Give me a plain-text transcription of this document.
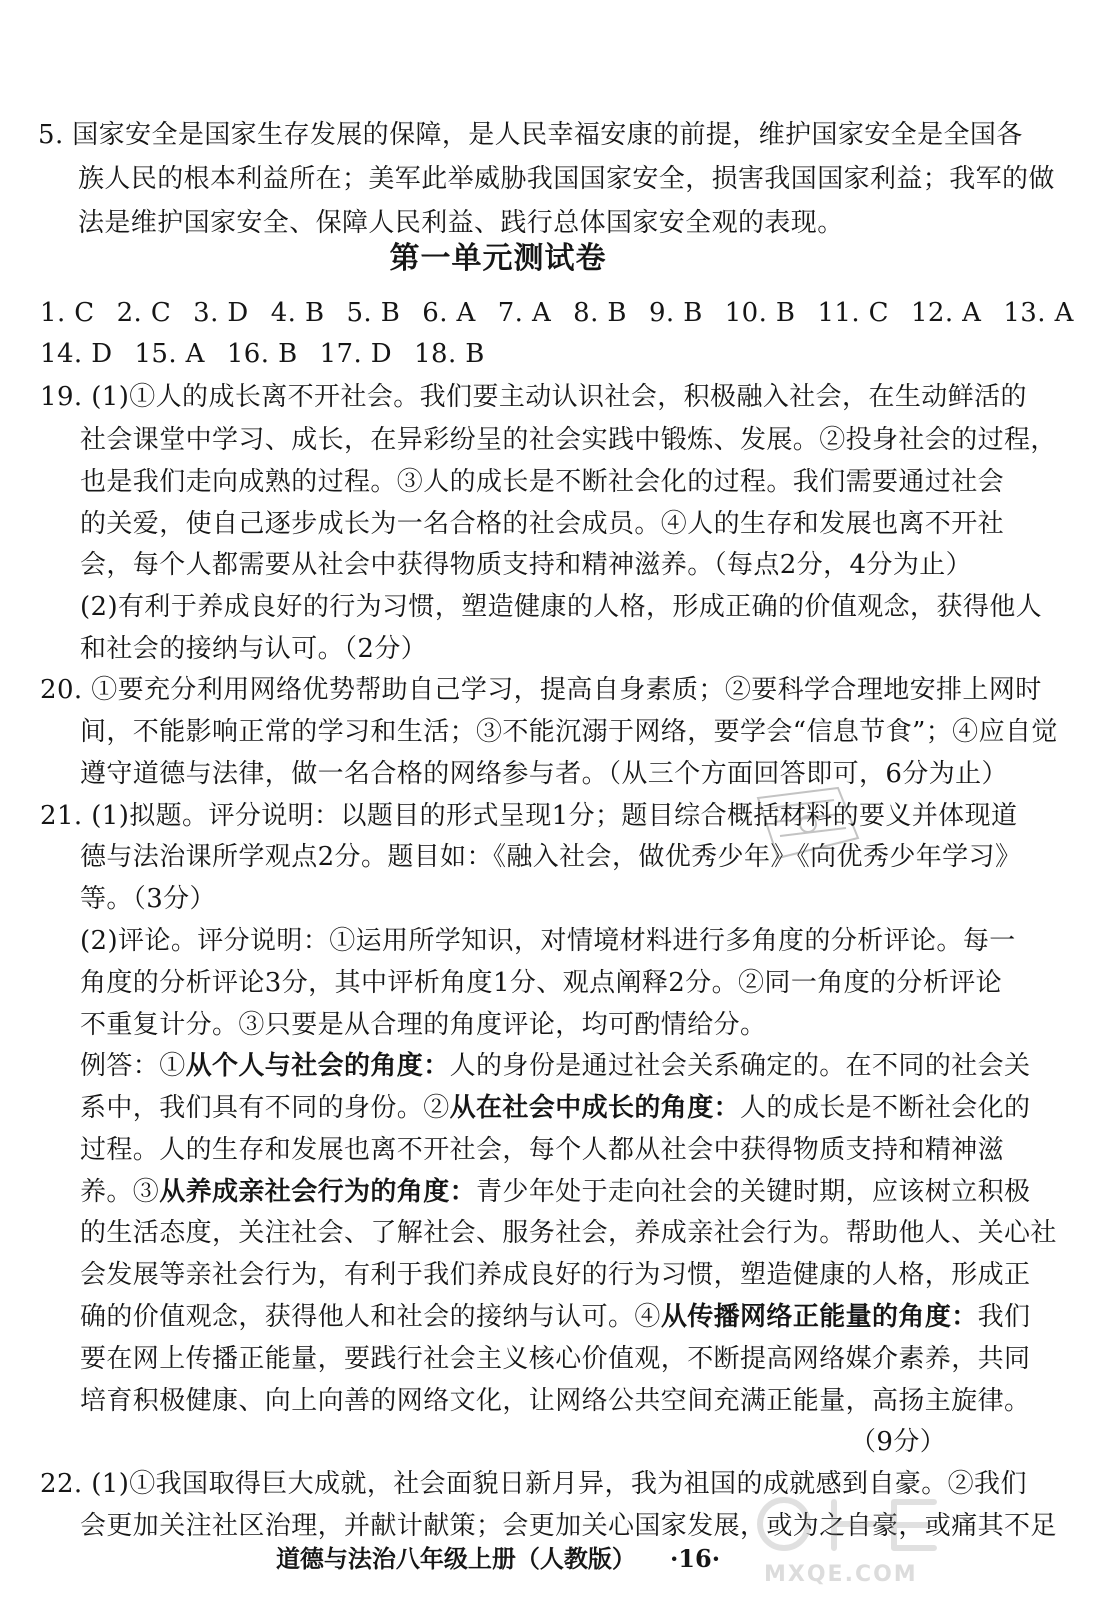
5. 国家安全是国家生存发展的保障，是人民幸福安康的前提，维护国家安全是全国各
族人民的根本利益所在；美军此举威胁我国国家安全，损害我国国家利益；我军的做
法是维护国家安全、保障人民利益、践行总体国家安全观的表现。
第一单元测试卷
1. C 2. C 3. D 4. B 5. B 6. A 7. A 8. B 9. B 10. B 11. C 12. A 13. A
14. D 15. A 16. B 17. D 18. B
19. (1)①人的成长离不开社会。我们要主动认识社会，积极融入社会，在生动鲜活的
社会课堂中学习、成长，在异彩纷呈的社会实践中锻炼、发展。②投身社会的过程，
也是我们走向成熟的过程。③人的成长是不断社会化的过程。我们需要通过社会
的关爱，使自己逐步成长为一名合格的社会成员。④人的生存和发展也离不开社
会，每个人都需要从社会中获得物质支持和精神滋养。（每点2分，4分为止）
(2)有利于养成良好的行为习惯，塑造健康的人格，形成正确的价值观念，获得他人
和社会的接纳与认可。（2分）
20. ①要充分利用网络优势帮助自己学习，提高自身素质；②要科学合理地安排上网时
间，不能影响正常的学习和生活；③不能沉溺于网络，要学会“信息节食”；④应自觉
遵守道德与法律，做一名合格的网络参与者。（从三个方面回答即可，6分为止）
21. (1)拟题。评分说明：以题目的形式呈现1分；题目综合概括材料的要义并体现道
德与法治课所学观点2分。题目如：《融入社会，做优秀少年》《向优秀少年学习》
等。（3分）
(2)评论。评分说明：①运用所学知识，对情境材料进行多角度的分析评论。每一
角度的分析评论3分，其中评析角度1分、观点阐释2分。②同一角度的分析评论
不重复计分。③只要是从合理的角度评论，均可酌情给分。
例答：①从个人与社会的角度：人的身份是通过社会关系确定的。在不同的社会关
系中，我们具有不同的身份。②从在社会中成长的角度：人的成长是不断社会化的
过程。人的生存和发展也离不开社会，每个人都从社会中获得物质支持和精神滋
养。③从养成亲社会行为的角度：青少年处于走向社会的关键时期，应该树立积极
的生活态度，关注社会、了解社会、服务社会，养成亲社会行为。帮助他人、关心社
会发展等亲社会行为，有利于我们养成良好的行为习惯，塑造健康的人格，形成正
确的价值观念，获得他人和社会的接纳与认可。④从传播网络正能量的角度：我们
要在网上传播正能量，要践行社会主义核心价值观，不断提高网络媒介素养，共同
培育积极健康、向上向善的网络文化，让网络公共空间充满正能量，高扬主旋律。
（9分）
22. (1)①我国取得巨大成就，社会面貌日新月异，我为祖国的成就感到自豪。②我们
会更加关注社区治理，并献计献策；会更加关心国家发展，或为之自豪，或痛其不足
MXQE.COM
道德与法治八年级上册（人教版） ·16·
